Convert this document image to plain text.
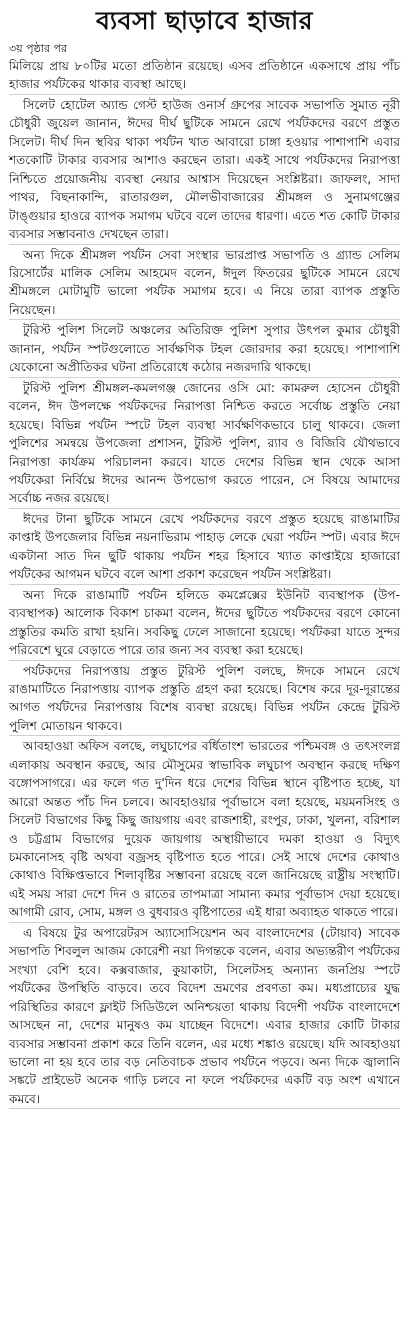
ব্যবসা ছাড়াবে হাজার
৩য় পৃষ্ঠার পর

মিলিয়ে প্রায় ৮০টির মতো প্রতিষ্ঠান রয়েছে। এসব প্রতিষ্ঠানে একসাথে প্রায় পাঁচ হাজার পর্যটকের থাকার ব্যবস্থা আছে।

সিলেট হোটেল অ্যান্ড গেস্ট হাউজ ওনার্স গ্রুপের সাবেক সভাপতি সুমাত নূরী চৌধুরী জুয়েল জানান, ঈদের দীর্ঘ ছুটিকে সামনে রেখে পর্যটকদের বরণে প্রস্তুত সিলেট। দীর্ঘ দিন স্থবির থাকা পর্যটন খাত আবারো চাঙ্গা হওয়ার পাশাপাশি এবার শতকোটি টাকার ব্যবসার আশাও করছেন তারা। একই সাথে পর্যটকদের নিরাপত্তা নিশ্চিতে প্রয়োজনীয় ব্যবস্থা নেয়ার আশ্বাস দিয়েছেন সংশ্লিষ্টরা। জাফলং, সাদা পাথর, বিছনাকান্দি, রাতারগুল, মৌলভীবাজারের শ্রীমঙ্গল ও সুনামগঞ্জের টাঙ্গুয়ার হাওরে ব্যাপক সমাগম ঘটবে বলে তাদের ধারণা। এতে শত কোটি টাকার ব্যবসার সম্ভাবনাও দেখছেন তারা।

অন্য দিকে শ্রীমঙ্গল পর্যটন সেবা সংস্থার ভারপ্রাপ্ত সভাপতি ও গ্র্যান্ড সেলিম রিসোর্টের মালিক সেলিম আহমেদ বলেন, ঈদুল ফিতরের ছুটিকে সামনে রেখে শ্রীমঙ্গলে মোটামুটি ভালো পর্যটক সমাগম হবে। এ নিয়ে তারা ব্যাপক প্রস্তুতি নিয়েছেন।

টুরিস্ট পুলিশ সিলেট অঞ্চলের অতিরিক্ত পুলিশ সুপার উৎপল কুমার চৌধুরী জানান, পর্যটন স্পটগুলোতে সার্বক্ষণিক টহল জোরদার করা হয়েছে। পাশাপাশি যেকোনো অপ্রীতিকর ঘটনা প্রতিরোধে কঠোর নজরদারি থাকছে।

টুরিস্ট পুলিশ শ্রীমঙ্গল-কমলগঞ্জ জোনের ওসি মো: কামরুল হোসেন চৌধুরী বলেন, ঈদ উপলক্ষে পর্যটকদের নিরাপত্তা নিশ্চিত করতে সর্বোচ্চ প্রস্তুতি নেয়া হয়েছে। বিভিন্ন পর্যটন স্পটে টহল ব্যবস্থা সার্বক্ষণিকভাবে চালু থাকবে। জেলা পুলিশের সমন্বয়ে উপজেলা প্রশাসন, টুরিস্ট পুলিশ, র‌্যাব ও বিজিবি যৌথভাবে নিরাপত্তা কার্যক্রম পরিচালনা করবে। যাতে দেশের বিভিন্ন স্থান থেকে আসা পর্যটকেরা নির্বিঘ্নে ঈদের আনন্দ উপভোগ করতে পারেন, সে বিষয়ে আমাদের সর্বোচ্চ নজর রয়েছে।

ঈদের টানা ছুটিকে সামনে রেখে পর্যটকদের বরণে প্রস্তুত হয়েছে রাঙামাটির কাপ্তাই উপজেলার বিভিন্ন নয়নাভিরাম পাহাড় লেকে ঘেরা পর্যটন স্পট। এবার ঈদে একটানা সাত দিন ছুটি থাকায় পর্যটন শহর হিসাবে খ্যাত কাপ্তাইয়ে হাজারো পর্যটকের আগমন ঘটবে বলে আশা প্রকাশ করেছেন পর্যটন সংশ্লিষ্টরা।

অন্য দিকে রাঙামাটি পর্যটন হলিডে কমপ্লেক্সের ইউনিট ব্যবস্থাপক (উপ-ব্যবস্থাপক) আলোক বিকাশ চাকমা বলেন, ঈদের ছুটিতে পর্যটকদের বরণে কোনো প্রস্তুতির কমতি রাখা হয়নি। সবকিছু ঢেলে সাজানো হয়েছে। পর্যটকরা যাতে সুন্দর পরিবেশে ঘুরে বেড়াতে পারে তার জন্য সব ব্যবস্থা করা হয়েছে।

পর্যটকদের নিরাপত্তায় প্রস্তুত টুরিস্ট পুলিশ বলছে, ঈদকে সামনে রেখে রাঙামাটিতে নিরাপত্তায় ব্যাপক প্রস্তুতি গ্রহণ করা হয়েছে। বিশেষ করে দূর-দূরান্তের আগত পর্যটদের নিরাপত্তায় বিশেষ ব্যবস্থা রয়েছে। বিভিন্ন পর্যটন কেন্দ্রে টুরিস্ট পুলিশ মোতায়ন থাকবে।

আবহাওয়া অফিস বলছে, লঘুচাপের বর্ধিতাংশ ভারতের পশ্চিমবঙ্গ ও তৎসংলগ্ন এলাকায় অবস্থান করছে, আর মৌসুমের স্বাভাবিক লঘুচাপ অবস্থান করছে দক্ষিণ বঙ্গোপসাগরে। এর ফলে গত দু'দিন ধরে দেশের বিভিন্ন স্থানে বৃষ্টিপাত হচ্ছে, যা আরো অন্তত পাঁচ দিন চলবে। আবহাওয়ার পূর্বাভাসে বলা হয়েছে, ময়মনসিংহ ও সিলেট বিভাগের কিছু কিছু জায়গায় এবং রাজশাহী, রংপুর, ঢাকা, খুলনা, বরিশাল ও চট্টগ্রাম বিভাগের দুয়েক জায়গায় অস্থায়ীভাবে দমকা হাওয়া ও বিদ্যুৎ চমকানোসহ বৃষ্টি অথবা বজ্রসহ বৃষ্টিপাত হতে পারে। সেই সাথে দেশের কোথাও কোথাও বিক্ষিপ্তভাবে শিলাবৃষ্টির সম্ভাবনা রয়েছে বলে জানিয়েছে রাষ্ট্রীয় সংস্থাটি। এই সময় সারা দেশে দিন ও রাতের তাপমাত্রা সামান্য কমার পূর্বাভাস দেয়া হয়েছে। আগামী রোব, সোম, মঙ্গল ও বুধবারও বৃষ্টিপাতের এই ধারা অব্যাহত থাকতে পারে।

এ বিষয়ে টুর অপারেটরস অ্যাসোসিয়েশন অব বাংলাদেশের (টোয়াব) সাবেক সভাপতি শিবলুল আজম কোরেশী নয়া দিগন্তকে বলেন, এবার অভ্যন্তরীণ পর্যটকের সংখ্যা বেশি হবে। কক্সবাজার, কুয়াকাটা, সিলেটসহ অন্যান্য জনপ্রিয় স্পটে পর্যটকের উপস্থিতি বাড়বে। তবে বিদেশ ভ্রমণের প্রবণতা কম। মধ্যপ্রাচ্যের যুদ্ধ পরিস্থিতির কারণে ফ্লাইট সিডিউলে অনিশ্চয়তা থাকায় বিদেশী পর্যটক বাংলাদেশে আসছেন না, দেশের মানুষও কম যাচ্ছেন বিদেশে। এবার হাজার কোটি টাকার ব্যবসার সম্ভাবনা প্রকাশ করে তিনি বলেন, এর মধ্যে শঙ্কাও রয়েছে। যদি আবহাওয়া ভালো না হয় হবে তার বড় নেতিবাচক প্রভাব পর্যটনে পড়বে। অন্য দিকে জ্বালানি সঙ্কটে প্রাইভেট অনেক গাড়ি চলবে না ফলে পর্যটকদের একটি বড় অংশ এখানে কমবে।
